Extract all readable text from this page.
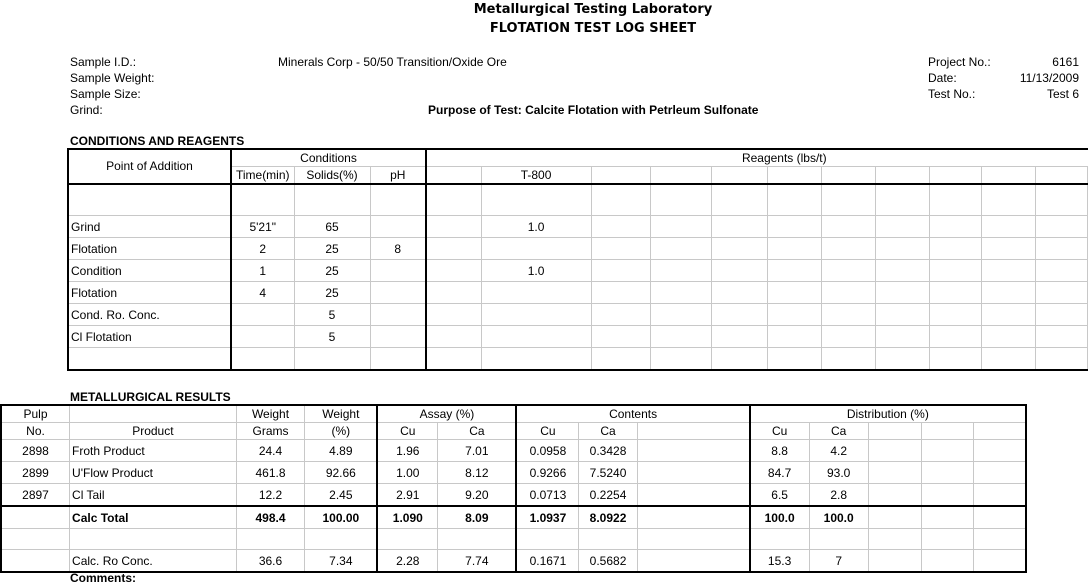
Metallurgical Testing Laboratory
FLOTATION TEST LOG SHEET
Sample I.D.:
Sample Weight:
Sample Size:
Grind:
Minerals Corp - 50/50 Transition/Oxide Ore
Purpose of Test: Calcite Flotation with Petrleum Sulfonate
Project No.:
Date:
Test No.:
6161
11/13/2009
Test 6
CONDITIONS AND REAGENTS
Point of Addition	Conditions			Reagents (lbs/t)											
	Time(min)	Solids(%)	pH		T-800										

Grind	5'21"	65			1.0										
Flotation	2	25	8												
Condition	1	25			1.0										
Flotation	4	25													
Cond. Ro. Conc.		5													
Cl Flotation		5													

METALLURGICAL RESULTS
Pulp		Weight	Weight	Assay (%)		Contents			Distribution (%)				
No.	Product	Grams	(%)	Cu	Ca	Cu	Ca		Cu	Ca			
2898	Froth Product	24.4	4.89	1.96	7.01	0.0958	0.3428		8.8	4.2			
2899	U'Flow Product	461.8	92.66	1.00	8.12	0.9266	7.5240		84.7	93.0			
2897	Cl Tail	12.2	2.45	2.91	9.20	0.0713	0.2254		6.5	2.8			
	Calc Total	498.4	100.00	1.090	8.09	1.0937	8.0922		100.0	100.0			

	Calc. Ro Conc.	36.6	7.34	2.28	7.74	0.1671	0.5682		15.3	7			
Comments:
